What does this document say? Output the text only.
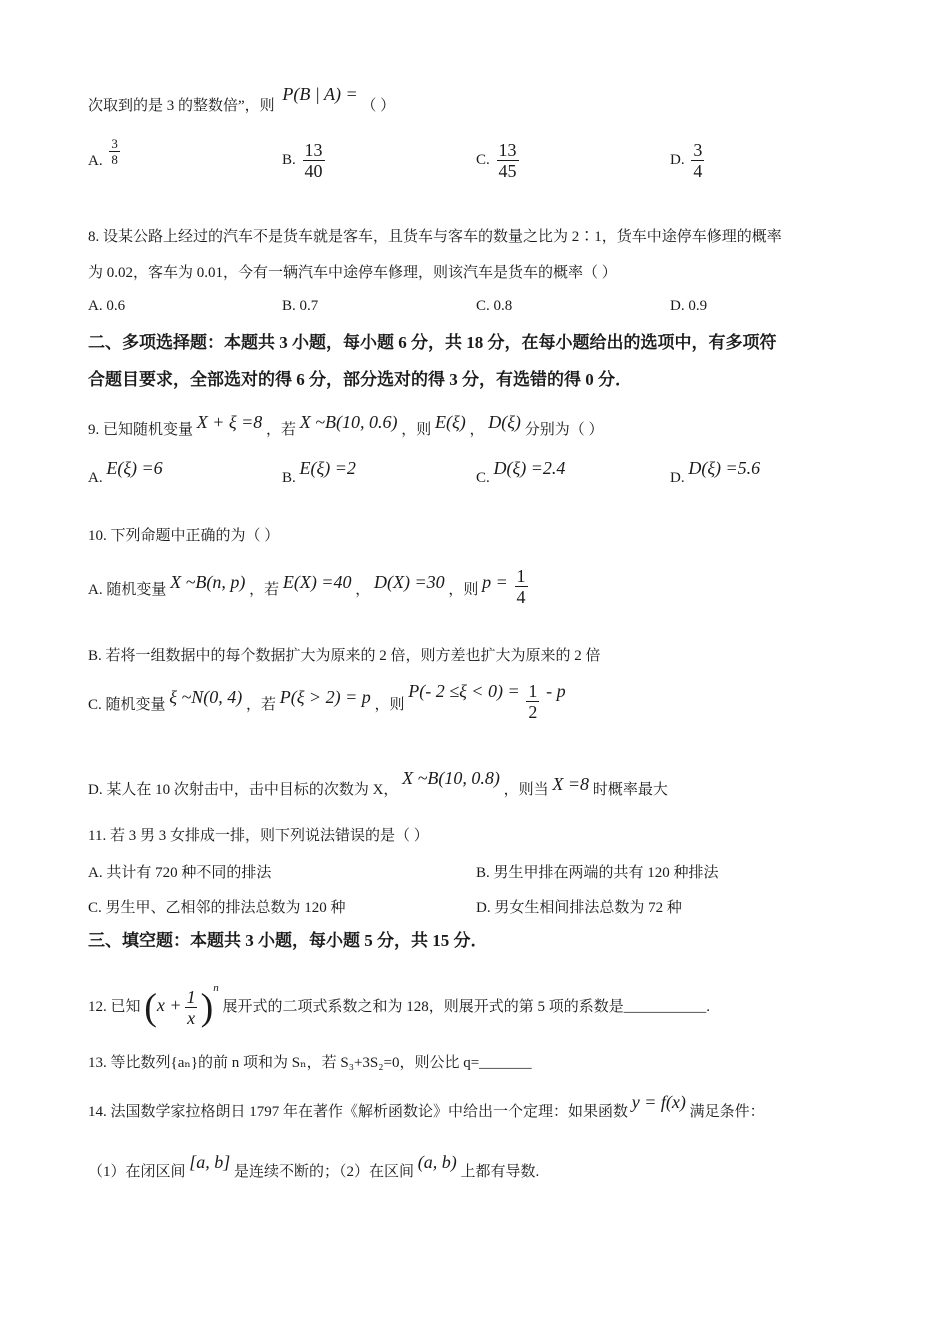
次取到的是 3 的整数倍”，则 P(B | A) = （ ）
A. $\frac{3}{8}$	B. $\frac{13}{40}$	C. $\frac{13}{45}$	D. $\frac{3}{4}$
8. 设某公路上经过的汽车不是货车就是客车，且货车与客车的数量之比为 2∶1，货车中途停车修理的概率
为 0.02，客车为 0.01，今有一辆汽车中途停车修理，则该汽车是货车的概率（ ）
A. 0.6	B. 0.7	C. 0.8	D. 0.9
二、多项选择题：本题共 3 小题，每小题 6 分，共 18 分，在每小题给出的选项中，有多项符
合题目要求，全部选对的得 6 分，部分选对的得 3 分，有选错的得 0 分．
9. 已知随机变量 X + ξ =8 ，若 X ~B(10, 0.6) ，则 E(ξ) ， D(ξ) 分别为（ ）
A. E(ξ) =6	B. E(ξ) =2	C. D(ξ) =2.4	D. D(ξ) =5.6
10. 下列命题中正确的为（ ）
A. 随机变量 X ~B(n, p) ，若 E(X) =40 ， D(X) =30 ，则 $p = \frac{1}{4}$
B. 若将一组数据中的每个数据扩大为原来的 2 倍，则方差也扩大为原来的 2 倍
C. 随机变量 ξ ~N(0, 4) ，若 P(ξ > 2) = p ，则 P(- $2 \le\xi < 0) = \frac{1}{2} - p$
D. 某人在 10 次射击中，击中目标的次数为 X， X ~B(10, 0.8) ，则当 X =8 时概率最大
11. 若 3 男 3 女排成一排，则下列说法错误的是（ ）
A. 共计有 720 种不同的排法	B. 男生甲排在两端的共有 120 种排法
C. 男生甲、乙相邻的排法总数为 120 种	D. 男女生相间排法总数为 72 种
三、填空题：本题共 3 小题，每小题 5 分，共 15 分．
12. 已知 $(x + \frac{1}{x} )^n$ 展开式的二项式系数之和为 128，则展开式的第 5 项的系数是___________.
13. 等比数列{aₙ}的前 n 项和为 Sₙ，若 S₃+3S₂=0，则公比 q=_______
14. 法国数学家拉格朗日 1797 年在著作《解析函数论》中给出一个定理：如果函数 y = f(x) 满足条件：
（1）在闭区间 [a, b] 是连续不断的；（2）在区间 (a, b) 上都有导数.
